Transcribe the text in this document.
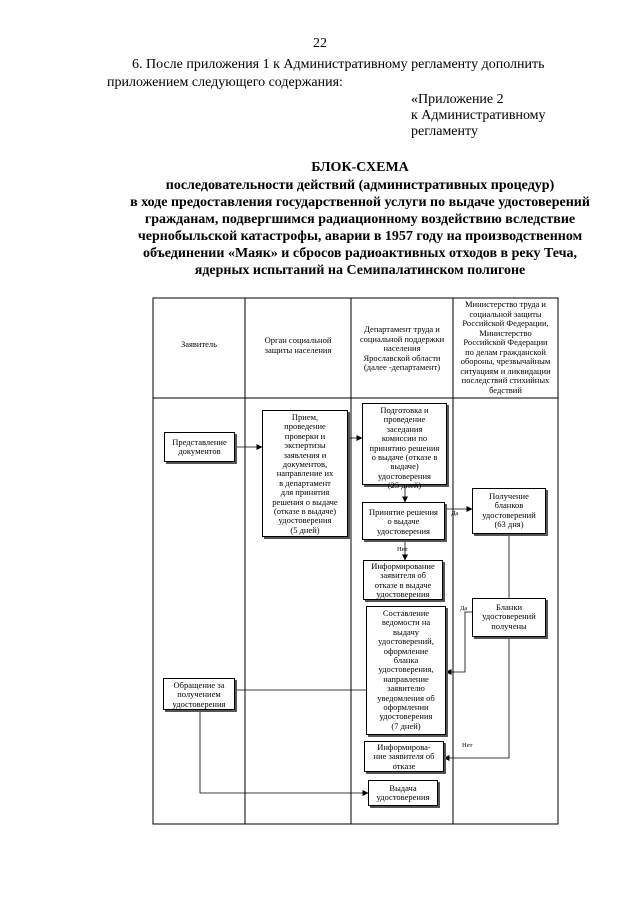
22
6. После приложения 1 к Административному регламенту дополнить
приложением следующего содержания:
«Приложение 2
к Административному
регламенту
БЛОК-СХЕМА
последовательности действий (административных процедур)
в ходе предоставления государственной услуги по выдаче удостоверений
гражданам, подвергшимся радиационному воздействию вследствие
чернобыльской катастрофы, аварии в 1957 году на производственном
объединении «Маяк» и сбросов радиоактивных отходов в реку Теча,
ядерных испытаний на Семипалатинском полигоне
Заявитель	Орган социальной
защиты населения
Департамент труда и
социальной поддержки
населения
Ярославской области
(далее -департамент)
Министерство труда и
социальной защиты
Российской Федерации,
Министерство
Российской Федерации
по делам гражданской
обороны, чрезвычайным
ситуациям и ликвидации
последствий стихийных
бедствий
Представление
документов
Прием,
проведение
проверки и
экспертизы
заявления и
документов,
направление их
в департамент
для принятия
решения о выдаче
(отказе в выдаче)
удостоверения
(5 дней)
Подготовка и
проведение
заседания
комиссии по
принятию решения
о выдаче (отказе в выдаче)
удостоверения
(25 дней)
Принятие решения
о выдаче
удостоверения
Получение
бланков
удостоверений
(63 дня)
Информирование
заявителя об
отказе в выдаче
удостоверения
Бланки
удостоверений
получены
Составление
ведомости на
выдачу
удостоверений,
оформление
бланка
удостоверения,
направление
заявителю
уведомления об
оформлении
удостоверения
(7 дней)
Обращение за
получением
удостоверения
Информирова-
ние заявителя об
отказе
Выдача
удостоверения
Да
Нет
Да
Нет
